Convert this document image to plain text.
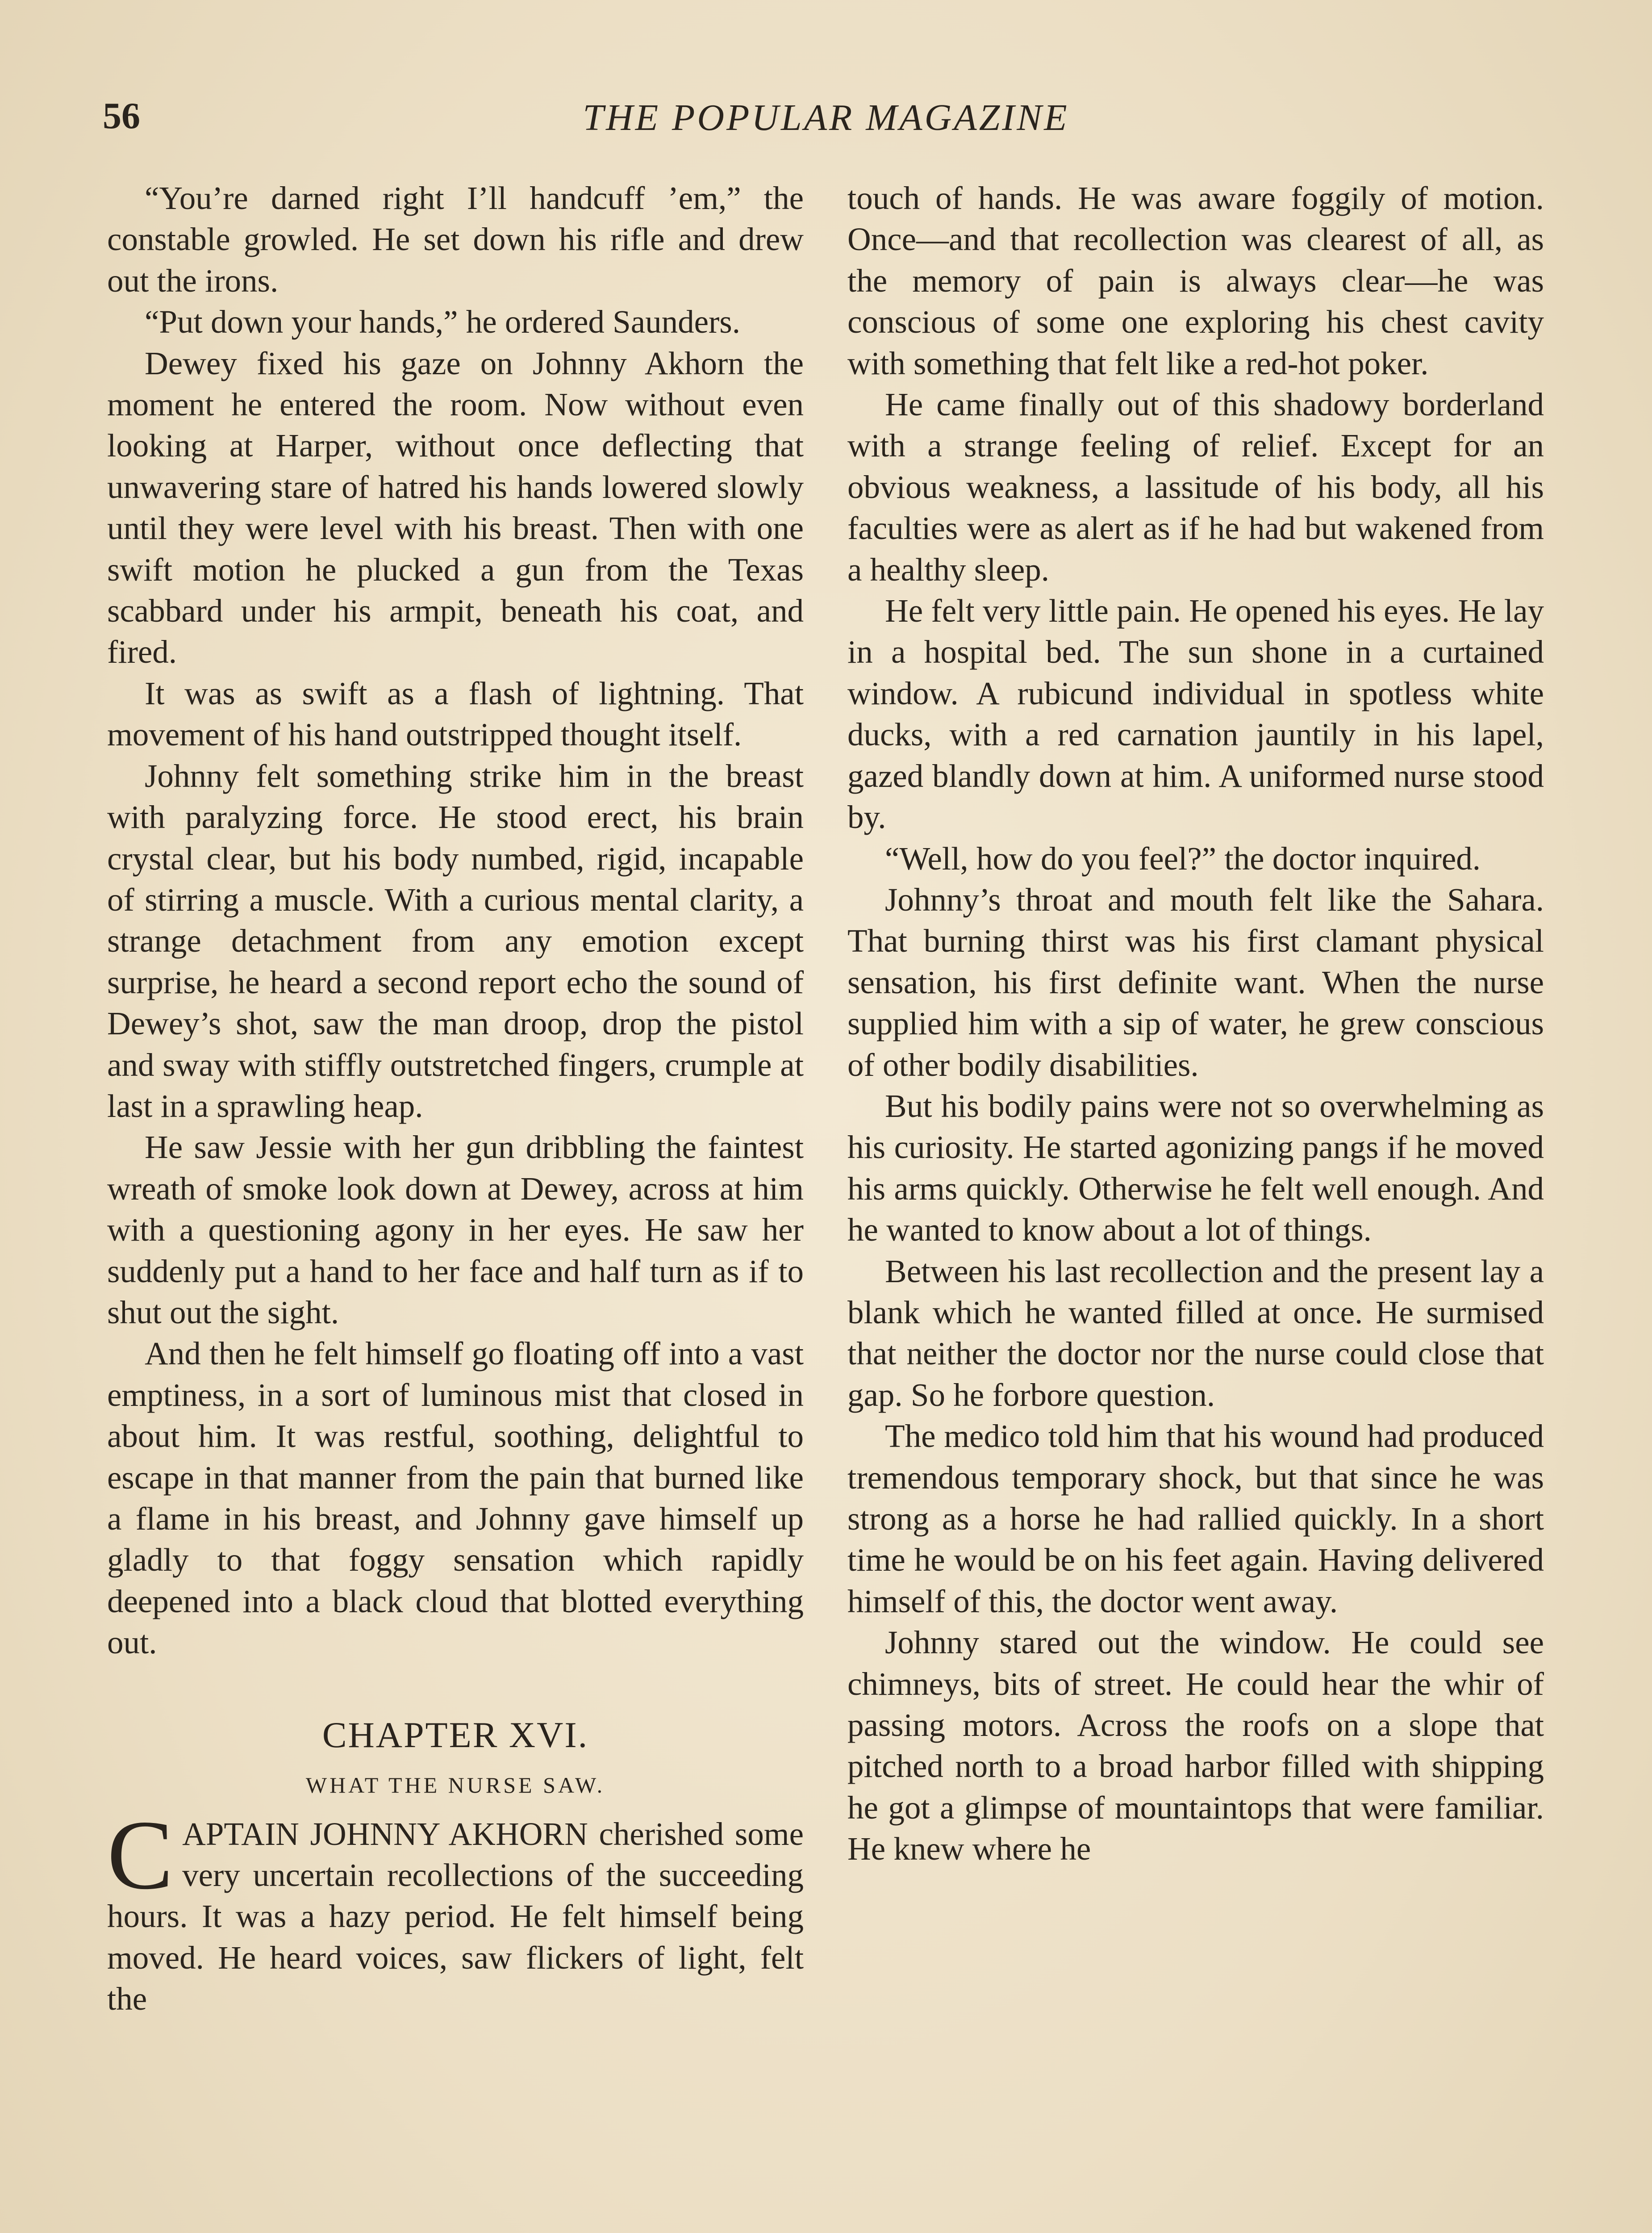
56	THE POPULAR MAGAZINE

“You’re darned right I’ll handcuff ’em,” the constable growled. He set down his rifle and drew out the irons.

“Put down your hands,” he ordered Saunders.

Dewey fixed his gaze on Johnny Akhorn the moment he entered the room. Now without even looking at Harper, without once deflecting that unwavering stare of hatred his hands lowered slowly until they were level with his breast. Then with one swift motion he plucked a gun from the Texas scabbard under his armpit, beneath his coat, and fired.

It was as swift as a flash of lightning. That movement of his hand outstripped thought itself.

Johnny felt something strike him in the breast with paralyzing force. He stood erect, his brain crystal clear, but his body numbed, rigid, incapable of stirring a muscle. With a curious mental clarity, a strange detachment from any emotion except surprise, he heard a second report echo the sound of Dewey’s shot, saw the man droop, drop the pistol and sway with stiffly outstretched fingers, crumple at last in a sprawling heap.

He saw Jessie with her gun dribbling the faintest wreath of smoke look down at Dewey, across at him with a questioning agony in her eyes. He saw her suddenly put a hand to her face and half turn as if to shut out the sight.

And then he felt himself go floating off into a vast emptiness, in a sort of luminous mist that closed in about him. It was restful, soothing, delightful to escape in that manner from the pain that burned like a flame in his breast, and Johnny gave himself up gladly to that foggy sensation which rapidly deepened into a black cloud that blotted everything out.

CHAPTER XVI.
WHAT THE NURSE SAW.

CAPTAIN JOHNNY AKHORN cherished some very uncertain recollections of the succeeding hours. It was a hazy period. He felt himself being moved. He heard voices, saw flickers of light, felt the

touch of hands. He was aware foggily of motion. Once—and that recollection was clearest of all, as the memory of pain is always clear—he was conscious of some one exploring his chest cavity with something that felt like a red-hot poker.

He came finally out of this shadowy borderland with a strange feeling of relief. Except for an obvious weakness, a lassitude of his body, all his faculties were as alert as if he had but wakened from a healthy sleep.

He felt very little pain. He opened his eyes. He lay in a hospital bed. The sun shone in a curtained window. A rubicund individual in spotless white ducks, with a red carnation jauntily in his lapel, gazed blandly down at him. A uniformed nurse stood by.

“Well, how do you feel?” the doctor inquired.

Johnny’s throat and mouth felt like the Sahara. That burning thirst was his first clamant physical sensation, his first definite want. When the nurse supplied him with a sip of water, he grew conscious of other bodily disabilities.

But his bodily pains were not so overwhelming as his curiosity. He started agonizing pangs if he moved his arms quickly. Otherwise he felt well enough. And he wanted to know about a lot of things.

Between his last recollection and the present lay a blank which he wanted filled at once. He surmised that neither the doctor nor the nurse could close that gap. So he forbore question.

The medico told him that his wound had produced tremendous temporary shock, but that since he was strong as a horse he had rallied quickly. In a short time he would be on his feet again. Having delivered himself of this, the doctor went away.

Johnny stared out the window. He could see chimneys, bits of street. He could hear the whir of passing motors. Across the roofs on a slope that pitched north to a broad harbor filled with shipping he got a glimpse of mountaintops that were familiar. He knew where he
